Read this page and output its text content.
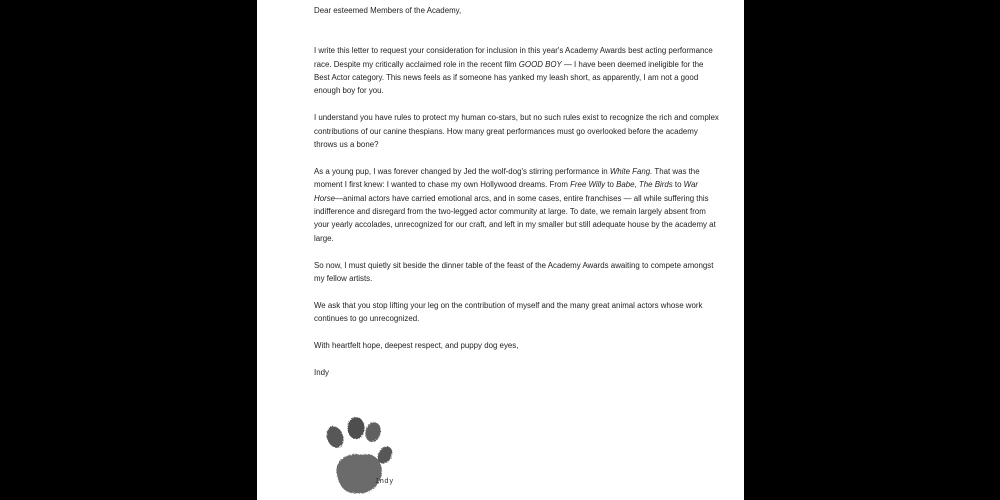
Dear esteemed Members of the Academy,

I write this letter to request your consideration for inclusion in this year's Academy Awards best acting performance race. Despite my critically acclaimed role in the recent film GOOD BOY — I have been deemed ineligible for the Best Actor category. This news feels as if someone has yanked my leash short, as apparently, I am not a good enough boy for you.

I understand you have rules to protect my human co-stars, but no such rules exist to recognize the rich and complex contributions of our canine thespians. How many great performances must go overlooked before the academy throws us a bone?

As a young pup, I was forever changed by Jed the wolf-dog's stirring performance in White Fang. That was the moment I first knew: I wanted to chase my own Hollywood dreams. From Free Willy to Babe, The Birds to War Horse—animal actors have carried emotional arcs, and in some cases, entire franchises — all while suffering this indifference and disregard from the two-legged actor community at large. To date, we remain largely absent from your yearly accolades, unrecognized for our craft, and left in my smaller but still adequate house by the academy at large.

So now, I must quietly sit beside the dinner table of the feast of the Academy Awards awaiting to compete amongst my fellow artists.

We ask that you stop lifting your leg on the contribution of myself and the many great animal actors whose work continues to go unrecognized.

With heartfelt hope, deepest respect, and puppy dog eyes,

Indy

Indy
